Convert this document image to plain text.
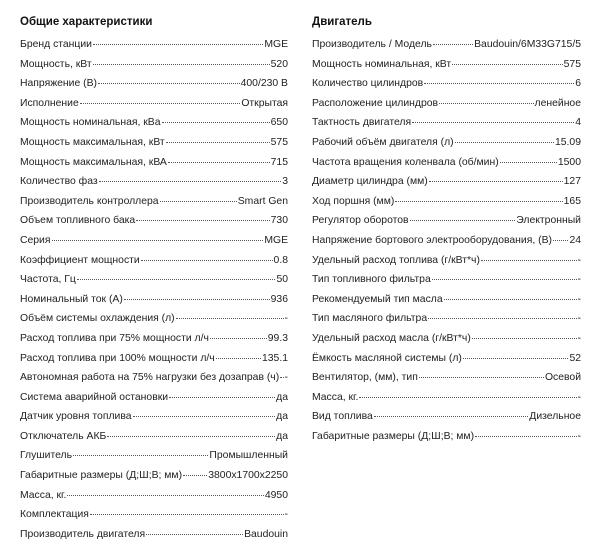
Общие характеристики
Бренд станции	MGE
Мощность, кВт	520
Напряжение (В)	400/230 В
Исполнение	Открытая
Мощность номинальная, кВа	650
Мощность максимальная, кВт	575
Мощность максимальная, кВА	715
Количество фаз	3
Производитель контроллера	Smart Gen
Объем топливного бака	730
Серия	MGE
Коэффициент мощности	0.8
Частота, Гц	50
Номинальный ток (А)	936
Объём системы охлаждения (л)	-
Расход топлива при 75% мощности л/ч	99.3
Расход топлива при 100% мощности л/ч	135.1
Автономная работа на 75% нагрузки без дозаправ (ч) -
Система аварийной остановки	да
Датчик уровня топлива	да
Отключатель АКБ	да
Глушитель	Промышленный
Габаритные размеры (Д;Ш;В; мм)	3800x1700x2250
Масса, кг.	4950
Комплектация	-
Производитель двигателя	Baudouin
Двигатель
Производитель / Модель	Baudouin/6M33G715/5
Мощность номинальная, кВт	575
Количество цилиндров	6
Расположение цилиндров	ленейное
Тактность двигателя	4
Рабочий объём двигателя (л)	15.09
Частота вращения коленвала (об/мин)	1500
Диаметр цилиндра (мм)	127
Ход поршня (мм)	165
Регулятор оборотов	Электронный
Напряжение бортового электрооборудования, (В) 24
Удельный расход топлива (г/кВт*ч)	-
Тип топливного фильтра	-
Рекомендуемый тип масла	-
Тип масляного фильтра	-
Удельный расход масла (г/кВт*ч)	-
Ёмкость масляной системы (л)	52
Вентилятор, (мм), тип	Осевой
Масса, кг.	-
Вид топлива	Дизельное
Габаритные размеры (Д;Ш;В; мм)	-
